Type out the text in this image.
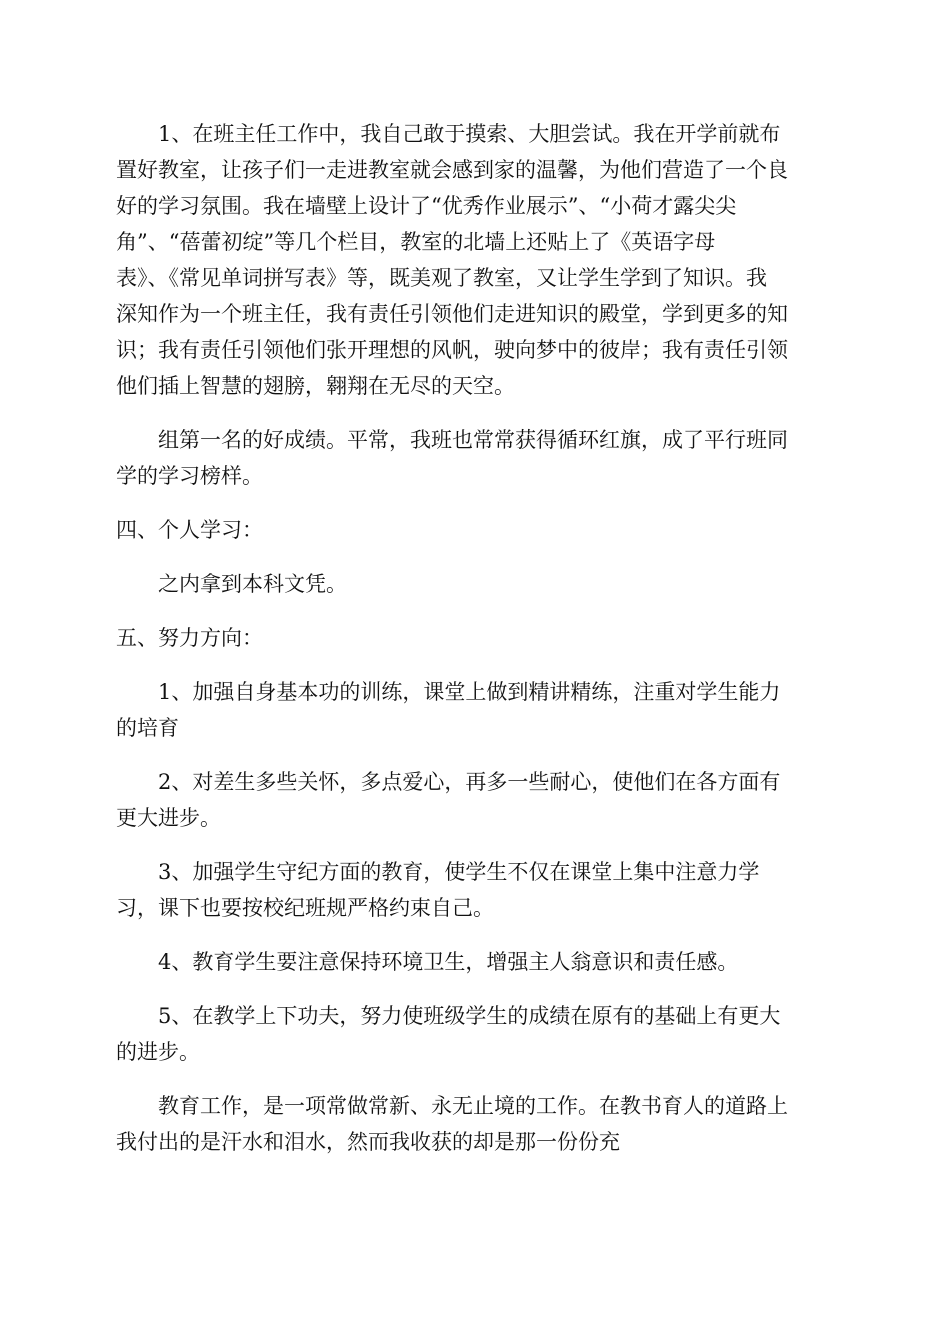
1、在班主任工作中，我自己敢于摸索、大胆尝试。我在开学前就布
置好教室，让孩子们一走进教室就会感到家的温馨，为他们营造了一个良
好的学习氛围。我在墙壁上设计了“优秀作业展示”、“小荷才露尖尖
角”、“蓓蕾初绽”等几个栏目，教室的北墙上还贴上了《英语字母
表》、《常见单词拼写表》等，既美观了教室，又让学生学到了知识。我
深知作为一个班主任，我有责任引领他们走进知识的殿堂，学到更多的知
识；我有责任引领他们张开理想的风帆，驶向梦中的彼岸；我有责任引领
他们插上智慧的翅膀，翱翔在无尽的天空。

组第一名的好成绩。平常，我班也常常获得循环红旗，成了平行班同
学的学习榜样。

四、个人学习：

之内拿到本科文凭。

五、努力方向：

1、加强自身基本功的训练，课堂上做到精讲精练，注重对学生能力
的培育

2、对差生多些关怀，多点爱心，再多一些耐心，使他们在各方面有
更大进步。

3、加强学生守纪方面的教育，使学生不仅在课堂上集中注意力学
习，课下也要按校纪班规严格约束自己。

4、教育学生要注意保持环境卫生，增强主人翁意识和责任感。

5、在教学上下功夫，努力使班级学生的成绩在原有的基础上有更大
的进步。

教育工作，是一项常做常新、永无止境的工作。在教书育人的道路上
我付出的是汗水和泪水，然而我收获的却是那一份份充
